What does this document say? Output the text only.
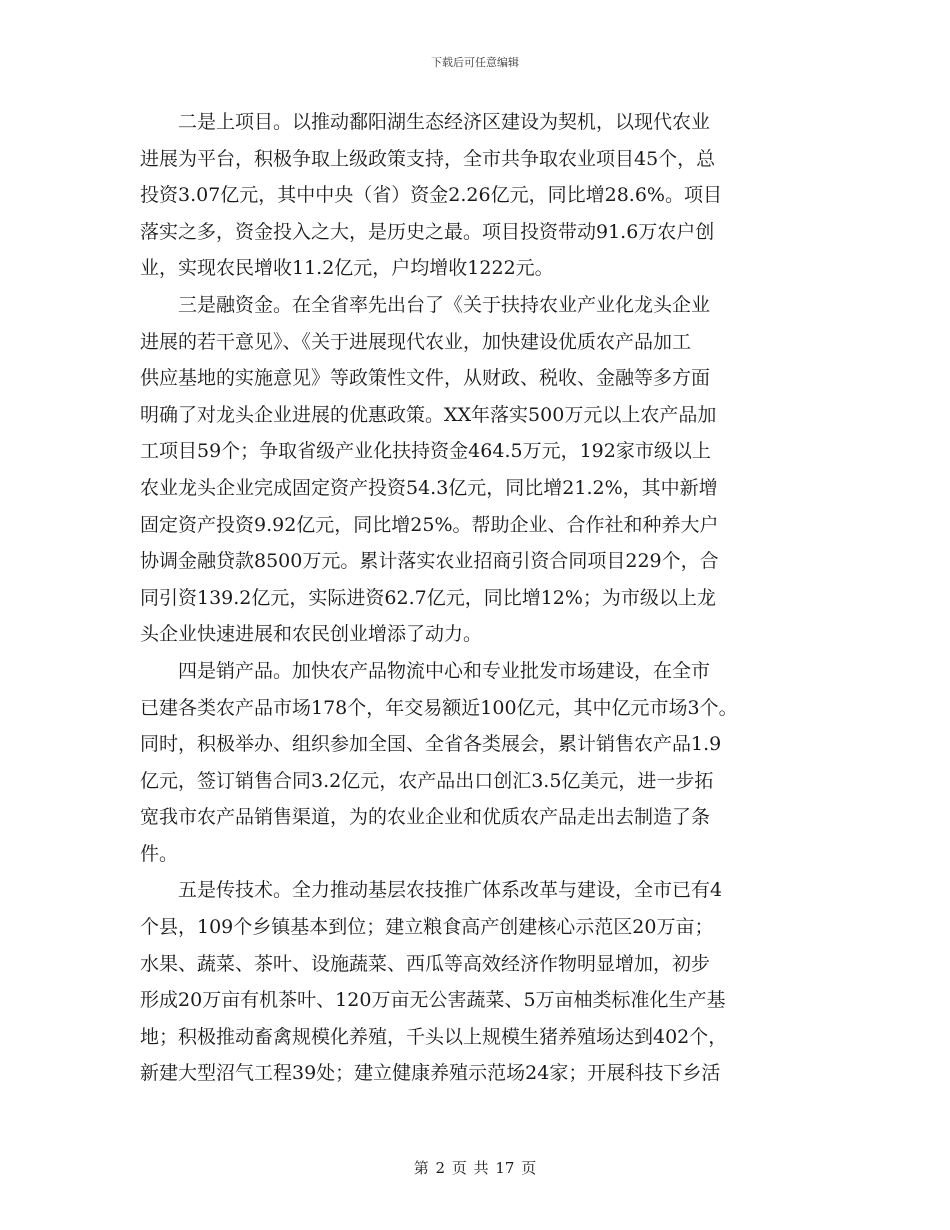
下载后可任意编辑

　　二是上项目。以推动鄱阳湖生态经济区建设为契机，以现代农业
进展为平台，积极争取上级政策支持，全市共争取农业项目45个，总
投资3.07亿元，其中中央（省）资金2.26亿元，同比增28.6%。项目
落实之多，资金投入之大，是历史之最。项目投资带动91.6万农户创
业，实现农民增收11.2亿元，户均增收1222元。

　　三是融资金。在全省率先出台了《关于扶持农业产业化龙头企业
进展的若干意见》、《关于进展现代农业，加快建设优质农产品加工
供应基地的实施意见》等政策性文件，从财政、税收、金融等多方面
明确了对龙头企业进展的优惠政策。XX年落实500万元以上农产品加
工项目59个；争取省级产业化扶持资金464.5万元，192家市级以上
农业龙头企业完成固定资产投资54.3亿元，同比增21.2%，其中新增
固定资产投资9.92亿元，同比增25%。帮助企业、合作社和种养大户
协调金融贷款8500万元。累计落实农业招商引资合同项目229个，合
同引资139.2亿元，实际进资62.7亿元，同比增12%；为市级以上龙
头企业快速进展和农民创业增添了动力。

　　四是销产品。加快农产品物流中心和专业批发市场建设，在全市
已建各类农产品市场178个，年交易额近100亿元，其中亿元市场3个。
同时，积极举办、组织参加全国、全省各类展会，累计销售农产品1.9
亿元，签订销售合同3.2亿元，农产品出口创汇3.5亿美元，进一步拓
宽我市农产品销售渠道，为的农业企业和优质农产品走出去制造了条
件。

　　五是传技术。全力推动基层农技推广体系改革与建设，全市已有4
个县，109个乡镇基本到位；建立粮食高产创建核心示范区20万亩；
水果、蔬菜、茶叶、设施蔬菜、西瓜等高效经济作物明显增加，初步
形成20万亩有机茶叶、120万亩无公害蔬菜、5万亩柚类标准化生产基
地；积极推动畜禽规模化养殖，千头以上规模生猪养殖场达到402个，
新建大型沼气工程39处；建立健康养殖示范场24家；开展科技下乡活

第 2 页 共 17 页
